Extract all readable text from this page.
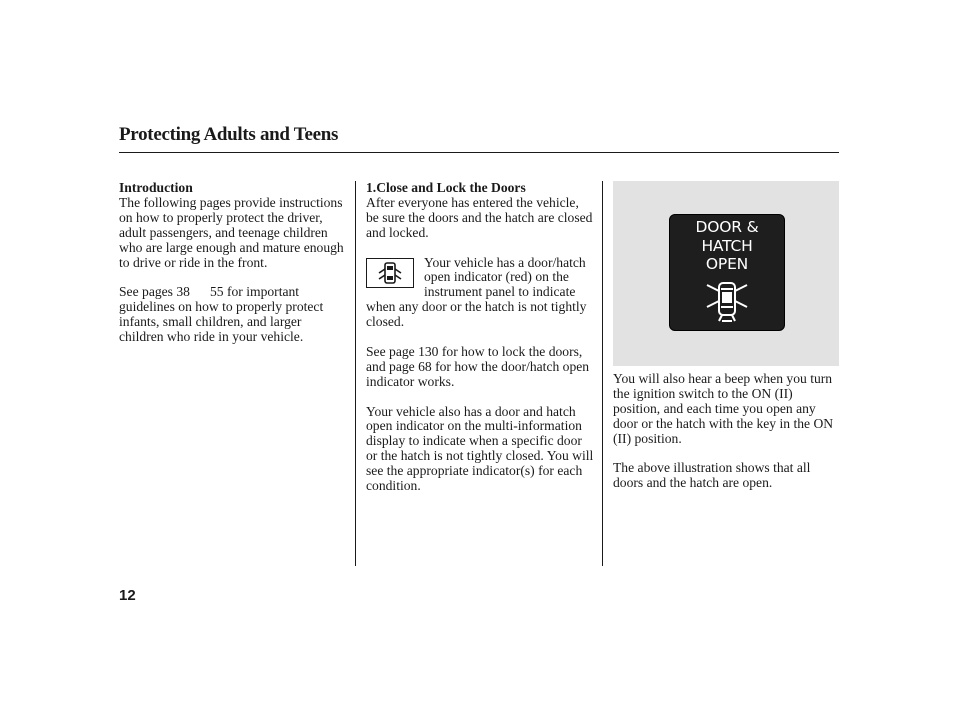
Protecting Adults and Teens

Introduction

The following pages provide instructions on how to properly protect the driver, adult passengers, and teenage children who are large enough and mature enough to drive or ride in the front.

See pages 38 55 for important guidelines on how to properly protect infants, small children, and larger children who ride in your vehicle.

1.Close and Lock the Doors

After everyone has entered the vehicle, be sure the doors and the hatch are closed and locked.

Your vehicle has a door/hatch open indicator (red) on the instrument panel to indicate when any door or the hatch is not tightly closed.

See page 130 for how to lock the doors, and page 68 for how the door/hatch open indicator works.

Your vehicle also has a door and hatch open indicator on the multi-information display to indicate when a specific door or the hatch is not tightly closed. You will see the appropriate indicator(s) for each condition.

DOOR &
HATCH
OPEN

You will also hear a beep when you turn the ignition switch to the ON (II) position, and each time you open any door or the hatch with the key in the ON (II) position.

The above illustration shows that all doors and the hatch are open.

12
